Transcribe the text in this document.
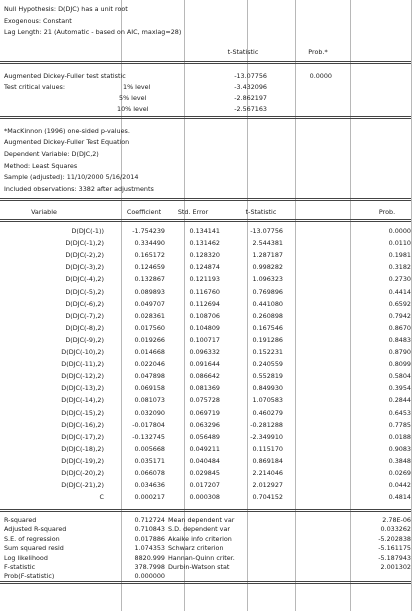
Null Hypothesis: D(DJC) has a unit root
Exogenous: Constant
Lag Length: 21 (Automatic - based on AIC, maxlag=28)
t-Statistic	Prob.*
Augmented Dickey-Fuller test statistic	-13.07756	0.0000
Test critical values:	1% level	-3.432096
5% level	-2.862197
10% level	-2.567163
*MacKinnon (1996) one-sided p-values.
Augmented Dickey-Fuller Test Equation
Dependent Variable: D(DJC,2)
Method: Least Squares
Sample (adjusted): 11/10/2000 5/16/2014
Included observations: 3382 after adjustments
Variable	Coefficient	Std. Error	t-Statistic	Prob.
D(DJC(-1))	-1.754239	0.134141	-13.07756	0.0000
D(DJC(-1),2)	0.334490	0.131462	2.544381	0.0110
D(DJC(-2),2)	0.165172	0.128320	1.287187	0.1981
D(DJC(-3),2)	0.124659	0.124874	0.998282	0.3182
D(DJC(-4),2)	0.132867	0.121193	1.096323	0.2730
D(DJC(-5),2)	0.089893	0.116760	0.769896	0.4414
D(DJC(-6),2)	0.049707	0.112694	0.441080	0.6592
D(DJC(-7),2)	0.028361	0.108706	0.260898	0.7942
D(DJC(-8),2)	0.017560	0.104809	0.167546	0.8670
D(DJC(-9),2)	0.019266	0.100717	0.191286	0.8483
D(DJC(-10),2)	0.014668	0.096332	0.152231	0.8790
D(DJC(-11),2)	0.022046	0.091644	0.240559	0.8099
D(DJC(-12),2)	0.047898	0.086642	0.552819	0.5804
D(DJC(-13),2)	0.069158	0.081369	0.849930	0.3954
D(DJC(-14),2)	0.081073	0.075728	1.070583	0.2844
D(DJC(-15),2)	0.032090	0.069719	0.460279	0.6453
D(DJC(-16),2)	-0.017804	0.063296	-0.281288	0.7785
D(DJC(-17),2)	-0.132745	0.056489	-2.349910	0.0188
D(DJC(-18),2)	0.005668	0.049211	0.115170	0.9083
D(DJC(-19),2)	0.035171	0.040484	0.869184	0.3848
D(DJC(-20),2)	0.066078	0.029845	2.214046	0.0269
D(DJC(-21),2)	0.034636	0.017207	2.012927	0.0442
C	0.000217	0.000308	0.704152	0.4814
R-squared	0.712724 Mean dependent var	2.78E-06
Adjusted R-squared	0.710843 S.D. dependent var	0.033262
S.E. of regression	0.017886 Akaike info criterion	-5.202838
Sum squared resid	1.074353 Schwarz criterion	-5.161175
Log likelihood	8820.999 Hannan-Quinn criter.	-5.187943
F-statistic	378.7998 Durbin-Watson stat	2.001302
Prob(F-statistic)	0.000000
